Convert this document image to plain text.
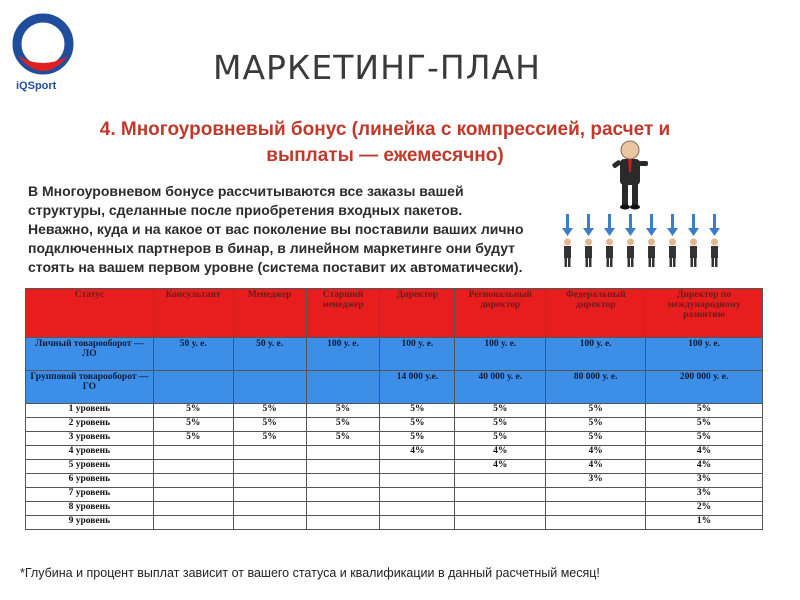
iQSport	МАРКЕТИНГ-ПЛАН
4. Многоуровневый бонус (линейка с компрессией, расчет и
выплаты — ежемесячно)
В Многоуровневом бонусе рассчитываются все заказы вашей
структуры, сделанные после приобретения входных пакетов.
Неважно, куда и на какое от вас поколение вы поставили ваших лично
подключенных партнеров в бинар, в линейном маркетинге они будут
стоять на вашем первом уровне (система поставит их автоматически).
Статус	Консультант	Менеджер	Старший менеджер	Директор	Региональный директор	Федеральный директор	Директор по международному развитию
Личный товарооборот — ЛО	50 у. е.	50 у. е.	100 у. е.	100 у. е.	100 у. е.	100 у. е.	100 у. е.
Групповой товарооборот — ГО				14 000 у.е.	40 000 у. е.	80 000 у. е.	200 000 у. е.
1 уровень	5%	5%	5%	5%	5%	5%	5%
2 уровень	5%	5%	5%	5%	5%	5%	5%
3 уровень	5%	5%	5%	5%	5%	5%	5%
4 уровень				4%	4%	4%	4%
5 уровень					4%	4%	4%
6 уровень						3%	3%
7 уровень							3%
8 уровень							2%
9 уровень							1%
*Глубина и процент выплат зависит от вашего статуса и квалификации в данный расчетный месяц!
